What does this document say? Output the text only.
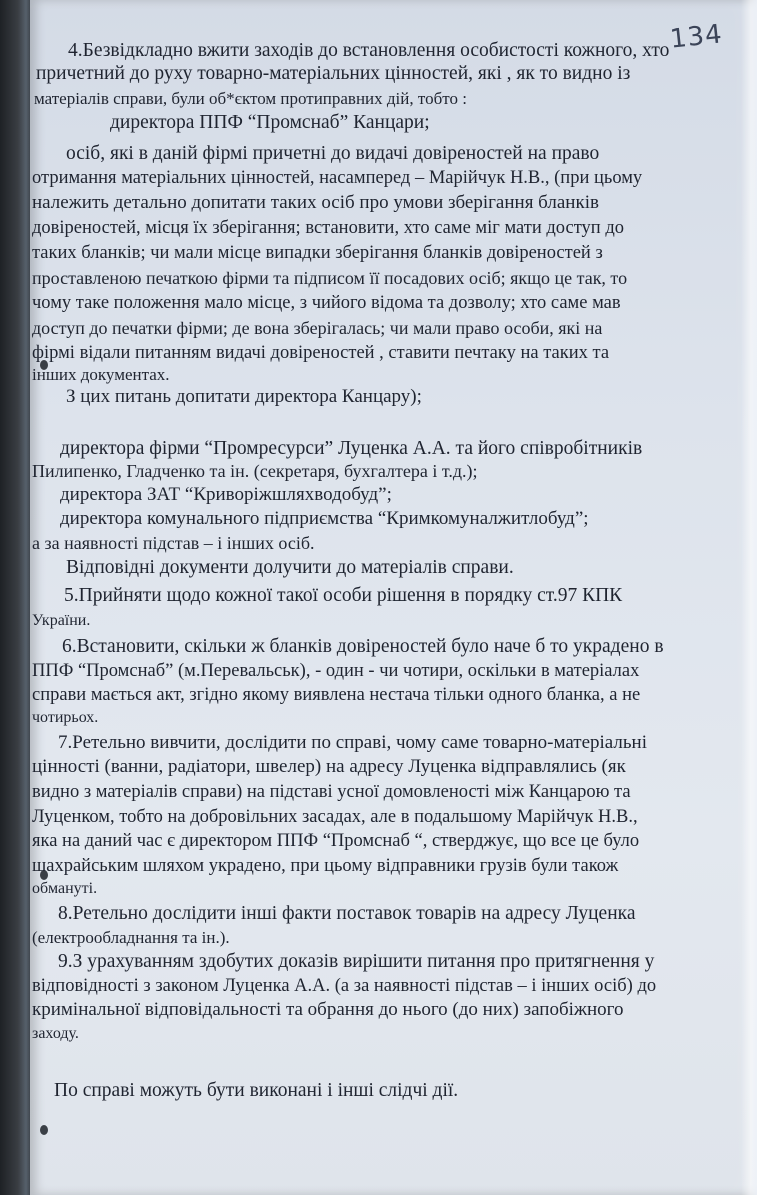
134
4.Безвідкладно вжити заходів до встановлення особистості кожного, хто
причетний до руху товарно-матеріальних цінностей, які , як то видно із
матеріалів справи, були об*єктом протиправних дій, тобто :
директора ППФ “Промснаб” Канцари;
осіб, які в даній фірмі причетні до видачі довіреностей на право
отримання матеріальних цінностей, насамперед – Марійчук Н.В., (при цьому
належить детально допитати таких осіб про умови зберігання бланків
довіреностей, місця їх зберігання; встановити, хто саме міг мати доступ до
таких бланків; чи мали місце випадки зберігання бланків довіреностей з
проставленою печаткою фірми та підписом її посадових осіб; якщо це так, то
чому таке положення мало місце, з чийого відома та дозволу; хто саме мав
доступ до печатки фірми; де вона зберігалась; чи мали право особи, які на
фірмі відали питанням видачі довіреностей , ставити печтаку на таких та
інших документах.
З цих питань допитати директора Канцару);
директора фірми “Промресурси” Луценка А.А. та його співробітників
Пилипенко, Гладченко та ін. (секретаря, бухгалтера і т.д.);
директора ЗАТ “Криворіжшляхводобуд”;
директора комунального підприємства “Кримкомуналжитлобуд”;
а за наявності підстав – і інших осіб.
Відповідні документи долучити до матеріалів справи.
5.Прийняти щодо кожної такої особи рішення в порядку ст.97 КПК
України.
6.Встановити, скільки ж бланків довіреностей було наче б то украдено в
ППФ “Промснаб” (м.Перевальськ), - один - чи чотири, оскільки в матеріалах
справи мається акт, згідно якому виявлена нестача тільки одного бланка, а не
чотирьох.
7.Ретельно вивчити, дослідити по справі, чому саме товарно-матеріальні
цінності (ванни, радіатори, швелер) на адресу Луценка відправлялись (як
видно з матеріалів справи) на підставі усної домовленості між Канцарою та
Луценком, тобто на добровільних засадах, але в подальшому Марійчук Н.В.,
яка на даний час є директором ППФ “Промснаб “, стверджує, що все це було
шахрайським шляхом украдено, при цьому відправники грузів були також
обмануті.
8.Ретельно дослідити інші факти поставок товарів на адресу Луценка
(електрообладнання та ін.).
9.З урахуванням здобутих доказів вирішити питання про притягнення у
відповідності з законом Луценка А.А. (а за наявності підстав – і інших осіб) до
кримінальної відповідальності та обрання до нього (до них) запобіжного
заходу.
По справі можуть бути виконані і інші слідчі дії.
